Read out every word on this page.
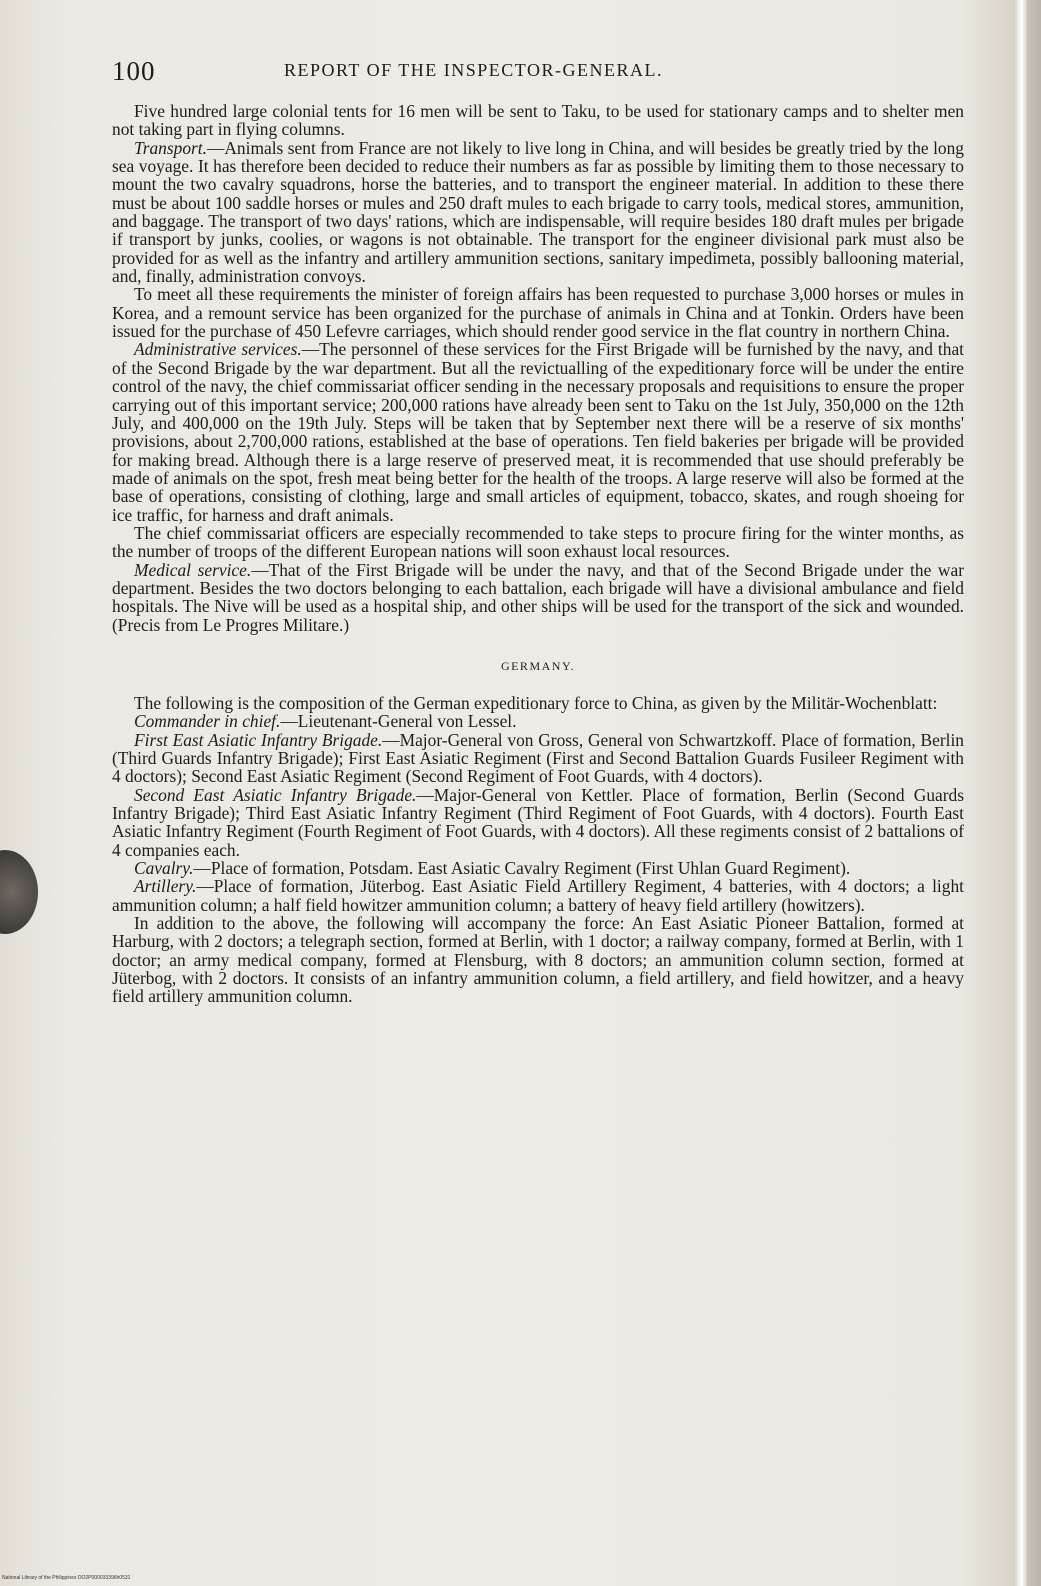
100	REPORT OF THE INSPECTOR-GENERAL.

Five hundred large colonial tents for 16 men will be sent to Taku, to be used for stationary camps and to shelter men not taking part in flying columns.

Transport.—Animals sent from France are not likely to live long in China, and will besides be greatly tried by the long sea voyage. It has therefore been decided to reduce their numbers as far as possible by limiting them to those necessary to mount the two cavalry squadrons, horse the batteries, and to transport the engineer material. In addition to these there must be about 100 saddle horses or mules and 250 draft mules to each brigade to carry tools, medical stores, ammunition, and baggage. The transport of two days' rations, which are indispensable, will require besides 180 draft mules per brigade if transport by junks, coolies, or wagons is not obtainable. The transport for the engineer divisional park must also be provided for as well as the infantry and artillery ammunition sections, sanitary impedimeta, possibly ballooning material, and, finally, administration convoys.

To meet all these requirements the minister of foreign affairs has been requested to purchase 3,000 horses or mules in Korea, and a remount service has been organized for the purchase of animals in China and at Tonkin. Orders have been issued for the purchase of 450 Lefevre carriages, which should render good service in the flat country in northern China.

Administrative services.—The personnel of these services for the First Brigade will be furnished by the navy, and that of the Second Brigade by the war department. But all the revictualling of the expeditionary force will be under the entire control of the navy, the chief commissariat officer sending in the necessary proposals and requisitions to ensure the proper carrying out of this important service; 200,000 rations have already been sent to Taku on the 1st July, 350,000 on the 12th July, and 400,000 on the 19th July. Steps will be taken that by September next there will be a reserve of six months' provisions, about 2,700,000 rations, established at the base of operations. Ten field bakeries per brigade will be provided for making bread. Although there is a large reserve of preserved meat, it is recommended that use should preferably be made of animals on the spot, fresh meat being better for the health of the troops. A large reserve will also be formed at the base of operations, consisting of clothing, large and small articles of equipment, tobacco, skates, and rough shoeing for ice traffic, for harness and draft animals.

The chief commissariat officers are especially recommended to take steps to procure firing for the winter months, as the number of troops of the different European nations will soon exhaust local resources.

Medical service.—That of the First Brigade will be under the navy, and that of the Second Brigade under the war department. Besides the two doctors belonging to each battalion, each brigade will have a divisional ambulance and field hospitals. The Nive will be used as a hospital ship, and other ships will be used for the transport of the sick and wounded. (Precis from Le Progres Militare.)

GERMANY.

The following is the composition of the German expeditionary force to China, as given by the Militär-Wochenblatt:

Commander in chief.—Lieutenant-General von Lessel.

First East Asiatic Infantry Brigade.—Major-General von Gross, General von Schwartzkoff. Place of formation, Berlin (Third Guards Infantry Brigade); First East Asiatic Regiment (First and Second Battalion Guards Fusileer Regiment with 4 doctors); Second East Asiatic Regiment (Second Regiment of Foot Guards, with 4 doctors).

Second East Asiatic Infantry Brigade.—Major-General von Kettler. Place of formation, Berlin (Second Guards Infantry Brigade); Third East Asiatic Infantry Regiment (Third Regiment of Foot Guards, with 4 doctors). Fourth East Asiatic Infantry Regiment (Fourth Regiment of Foot Guards, with 4 doctors). All these regiments consist of 2 battalions of 4 companies each.

Cavalry.—Place of formation, Potsdam. East Asiatic Cavalry Regiment (First Uhlan Guard Regiment).

Artillery.—Place of formation, Jüterbog. East Asiatic Field Artillery Regiment, 4 batteries, with 4 doctors; a light ammunition column; a half field howitzer ammunition column; a battery of heavy field artillery (howitzers).

In addition to the above, the following will accompany the force: An East Asiatic Pioneer Battalion, formed at Harburg, with 2 doctors; a telegraph section, formed at Berlin, with 1 doctor; a railway company, formed at Berlin, with 1 doctor; an army medical company, formed at Flensburg, with 8 doctors; an ammunition column section, formed at Jüterbog, with 2 doctors. It consists of an infantry ammunition column, a field artillery, and field howitzer, and a heavy field artillery ammunition column.

National Library of the Philippines DO2P000033396h0531
